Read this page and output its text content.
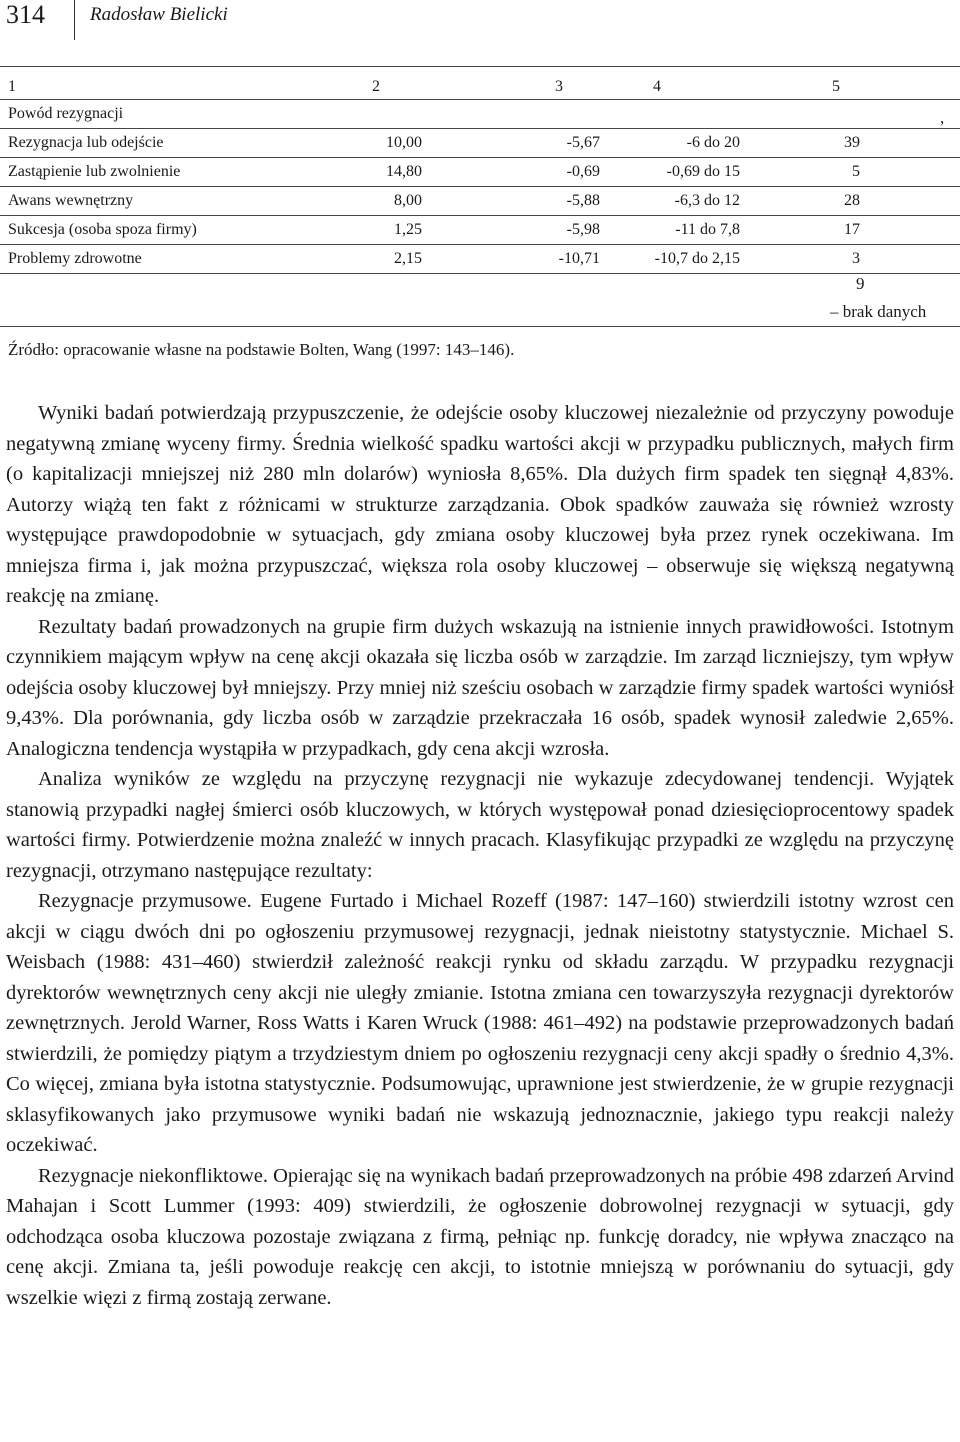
314 Radosław Bielicki
1	2	3	4	5
Powód rezygnacji	,
Rezygnacja lub odejście	10,00	-5,67	-6 do 20	39
Zastąpienie lub zwolnienie	14,80	-0,69	-0,69 do 15	5
Awans wewnętrzny	8,00	-5,88	-6,3 do 12	28
Sukcesja (osoba spoza firmy)	1,25	-5,98	-11 do 7,8	17
Problemy zdrowotne	2,15	-10,71	-10,7 do 2,15	3
9
– brak danych
Źródło: opracowanie własne na podstawie Bolten, Wang (1997: 143–146).

Wyniki badań potwierdzają przypuszczenie, że odejście osoby kluczowej niezależnie od przyczyny powoduje negatywną zmianę wyceny firmy. Średnia wielkość spadku wartości akcji w przypadku publicznych, małych firm (o kapitalizacji mniejszej niż 280 mln dolarów) wyniosła 8,65%. Dla dużych firm spadek ten sięgnął 4,83%. Autorzy wiążą ten fakt z różnicami w strukturze zarządzania. Obok spadków zauważa się również wzrosty występujące prawdopodobnie w sytuacjach, gdy zmiana osoby kluczowej była przez rynek oczekiwana. Im mniejsza firma i, jak można przypuszczać, większa rola osoby kluczowej – obserwuje się większą negatywną reakcję na zmianę.

Rezultaty badań prowadzonych na grupie firm dużych wskazują na istnienie innych prawidłowości. Istotnym czynnikiem mającym wpływ na cenę akcji okazała się liczba osób w zarządzie. Im zarząd liczniejszy, tym wpływ odejścia osoby kluczowej był mniejszy. Przy mniej niż sześciu osobach w zarządzie firmy spadek wartości wyniósł 9,43%. Dla porównania, gdy liczba osób w zarządzie przekraczała 16 osób, spadek wynosił zaledwie 2,65%. Analogiczna tendencja wystąpiła w przypadkach, gdy cena akcji wzrosła.

Analiza wyników ze względu na przyczynę rezygnacji nie wykazuje zdecydowanej tendencji. Wyjątek stanowią przypadki nagłej śmierci osób kluczowych, w których występował ponad dziesięcioprocentowy spadek wartości firmy. Potwierdzenie można znaleźć w innych pracach. Klasyfikując przypadki ze względu na przyczynę rezygnacji, otrzymano następujące rezultaty:

Rezygnacje przymusowe. Eugene Furtado i Michael Rozeff (1987: 147–160) stwierdzili istotny wzrost cen akcji w ciągu dwóch dni po ogłoszeniu przymusowej rezygnacji, jednak nieistotny statystycznie. Michael S. Weisbach (1988: 431–460) stwierdził zależność reakcji rynku od składu zarządu. W przypadku rezygnacji dyrektorów wewnętrznych ceny akcji nie uległy zmianie. Istotna zmiana cen towarzyszyła rezygnacji dyrektorów zewnętrznych. Jerold Warner, Ross Watts i Karen Wruck (1988: 461–492) na podstawie przeprowadzonych badań stwierdzili, że pomiędzy piątym a trzydziestym dniem po ogłoszeniu rezygnacji ceny akcji spadły o średnio 4,3%. Co więcej, zmiana była istotna statystycznie. Podsumowując, uprawnione jest stwierdzenie, że w grupie rezygnacji sklasyfikowanych jako przymusowe wyniki badań nie wskazują jednoznacznie, jakiego typu reakcji należy oczekiwać.

Rezygnacje niekonfliktowe. Opierając się na wynikach badań przeprowadzonych na próbie 498 zdarzeń Arvind Mahajan i Scott Lummer (1993: 409) stwierdzili, że ogłoszenie dobrowolnej rezygnacji w sytuacji, gdy odchodząca osoba kluczowa pozostaje związana z firmą, pełniąc np. funkcję doradcy, nie wpływa znacząco na cenę akcji. Zmiana ta, jeśli powoduje reakcję cen akcji, to istotnie mniejszą w porównaniu do sytuacji, gdy wszelkie więzi z firmą zostają zerwane.
